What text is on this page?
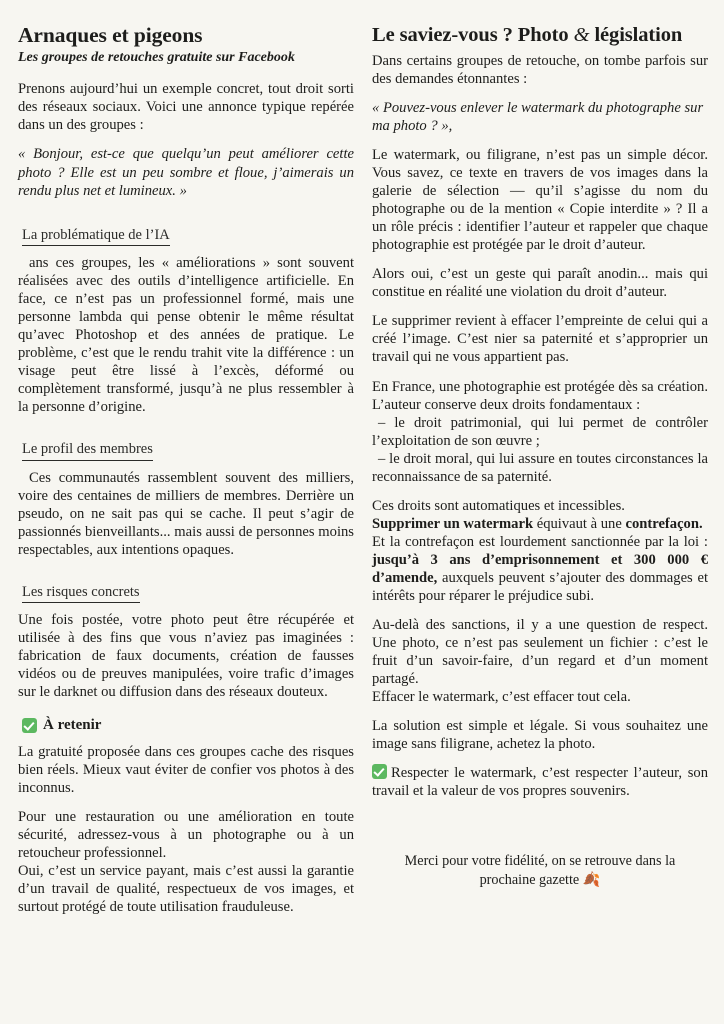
Arnaques et pigeons
Les groupes de retouches gratuite sur Facebook

Prenons aujourd’hui un exemple concret, tout droit sorti des réseaux sociaux. Voici une annonce typique repérée dans un des groupes :

« Bonjour, est-ce que quelqu’un peut améliorer cette photo ? Elle est un peu sombre et floue, j’aimerais un rendu plus net et lumineux. »

La problématique de l’IA

ans ces groupes, les « améliorations » sont souvent réalisées avec des outils d’intelligence artificielle. En face, ce n’est pas un professionnel formé, mais une personne lambda qui pense obtenir le même résultat qu’avec Photoshop et des années de pratique. Le problème, c’est que le rendu trahit vite la différence : un visage peut être lissé à l’excès, déformé ou complètement transformé, jusqu’à ne plus ressembler à la personne d’origine.

Le profil des membres

Ces communautés rassemblent souvent des milliers, voire des centaines de milliers de membres. Derrière un pseudo, on ne sait pas qui se cache. Il peut s’agir de passionnés bienveillants... mais aussi de personnes moins respectables, aux intentions opaques.

Les risques concrets

Une fois postée, votre photo peut être récupérée et utilisée à des fins que vous n’aviez pas imaginées : fabrication de faux documents, création de fausses vidéos ou de preuves manipulées, voire trafic d’images sur le darknet ou diffusion dans des réseaux douteux.

À retenir

La gratuité proposée dans ces groupes cache des risques bien réels. Mieux vaut éviter de confier vos photos à des inconnus.

Pour une restauration ou une amélioration en toute sécurité, adressez-vous à un photographe ou à un retoucheur professionnel.

Oui, c’est un service payant, mais c’est aussi la garantie d’un travail de qualité, respectueux de vos images, et surtout protégé de toute utilisation frauduleuse.

Le saviez-vous ? Photo & législation

Dans certains groupes de retouche, on tombe parfois sur des demandes étonnantes :

« Pouvez-vous enlever le watermark du photographe sur ma photo ? »,

Le watermark, ou filigrane, n’est pas un simple décor. Vous savez, ce texte en travers de vos images dans la galerie de sélection — qu’il s’agisse du nom du photographe ou de la mention « Copie interdite » ? Il a un rôle précis : identifier l’auteur et rappeler que chaque photographie est protégée par le droit d’auteur.

Alors oui, c’est un geste qui paraît anodin... mais qui constitue en réalité une violation du droit d’auteur.

Le supprimer revient à effacer l’empreinte de celui qui a créé l’image. C’est nier sa paternité et s’approprier un travail qui ne vous appartient pas.

En France, une photographie est protégée dès sa création. L’auteur conserve deux droits fondamentaux :

– le droit patrimonial, qui lui permet de contrôler l’exploitation de son œuvre ;

– le droit moral, qui lui assure en toutes circonstances la reconnaissance de sa paternité.

Ces droits sont automatiques et incessibles.

Supprimer un watermark équivaut à une contrefaçon.

Et la contrefaçon est lourdement sanctionnée par la loi : jusqu’à 3 ans d’emprisonnement et 300 000 € d’amende, auxquels peuvent s’ajouter des dommages et intérêts pour réparer le préjudice subi.

Au-delà des sanctions, il y a une question de respect. Une photo, ce n’est pas seulement un fichier : c’est le fruit d’un savoir-faire, d’un regard et d’un moment partagé.

Effacer le watermark, c’est effacer tout cela.

La solution est simple et légale. Si vous souhaitez une image sans filigrane, achetez la photo.

Respecter le watermark, c’est respecter l’auteur, son travail et la valeur de vos propres souvenirs.

Merci pour votre fidélité, on se retrouve dans la
prochaine gazette 🍂
